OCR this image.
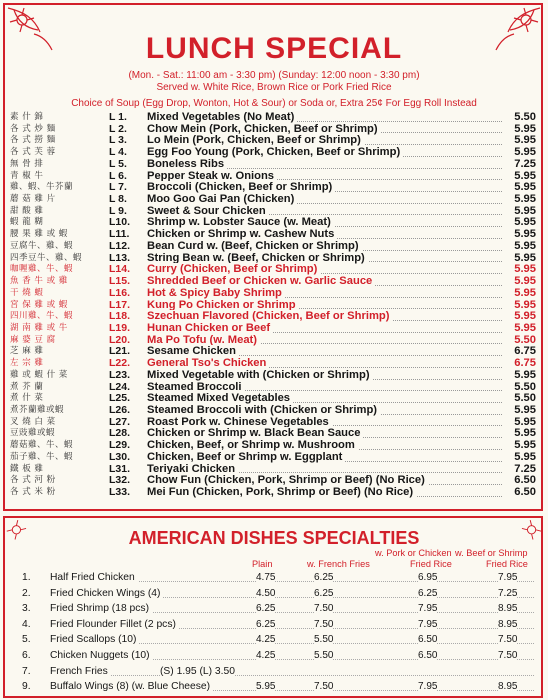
LUNCH SPECIAL
(Mon. - Sat.: 11:00 am - 3:30 pm) (Sunday: 12:00 noon - 3:30 pm)
Served w. White Rice, Brown Rice or Pork Fried Rice
Choice of Soup (Egg Drop, Wonton, Hot & Sour) or Soda or, Extra 25¢ For Egg Roll Instead
素 什 錦	L 1.	Mixed Vegetables (No Meat)	5.50
各 式 炒 麵	L 2.	Chow Mein (Pork, Chicken, Beef or Shrimp)	5.95
各 式 撈 麵	L 3.	Lo Mein (Pork, Chicken, Beef or Shrimp)	5.95
各 式 芙 蓉	L 4.	Egg Foo Young (Pork, Chicken, Beef or Shrimp)	5.95
無 骨 排	L 5.	Boneless Ribs	7.25
青 椒 牛	L 6.	Pepper Steak w. Onions	5.95
雞、蝦、牛芥蘭	L 7.	Broccoli (Chicken, Beef or Shrimp)	5.95
蘑 菇 雞 片	L 8.	Moo Goo Gai Pan (Chicken)	5.95
甜 酸 雞	L 9.	Sweet & Sour Chicken	5.95
蝦 龍 糊	L10.	Shrimp w. Lobster Sauce (w. Meat)	5.95
腰 果 雞 或 蝦	L11.	Chicken or Shrimp w. Cashew Nuts	5.95
豆腐牛、雞、蝦	L12.	Bean Curd w. (Beef, Chicken or Shrimp)	5.95
四季豆牛、雞、蝦	L13.	String Bean w. (Beef, Chicken or Shrimp)	5.95
咖喱雞、牛、蝦	L14.	Curry (Chicken, Beef or Shrimp)	5.95
魚 香 牛 或 雞	L15.	Shredded Beef or Chicken w. Garlic Sauce	5.95
干 燒 蝦	L16.	Hot & Spicy Baby Shrimp	5.95
宮 保 雞 或 蝦	L17.	Kung Po Chicken or Shrimp	5.95
四川雞、牛、蝦	L18.	Szechuan Flavored (Chicken, Beef or Shrimp)	5.95
湖 南 雞 或 牛	L19.	Hunan Chicken or Beef	5.95
麻 婆 豆 腐	L20.	Ma Po Tofu (w. Meat)	5.50
芝 麻 雞	L21.	Sesame Chicken	6.75
左 宗 雞	L22.	General Tso's Chicken	6.75
雞 或 蝦 什 菜	L23.	Mixed Vegetable with (Chicken or Shrimp)	5.95
煮 芥 蘭	L24.	Steamed Broccoli	5.50
煮 什 菜	L25.	Steamed Mixed Vegetables	5.50
煮芥蘭雞或蝦	L26.	Steamed Broccoli with (Chicken or Shrimp)	5.95
叉 燒 白 菜	L27.	Roast Pork w. Chinese Vegetables	5.95
豆豉雞或蝦	L28.	Chicken or Shrimp w. Black Bean Sauce	5.95
蘑菇雞、牛、蝦	L29.	Chicken, Beef, or Shrimp w. Mushroom	5.95
茄子雞、牛、蝦	L30.	Chicken, Beef or Shrimp w. Eggplant	5.95
鐵 板 雞	L31.	Teriyaki Chicken	7.25
各 式 河 粉	L32.	Chow Fun (Chicken, Pork, Shrimp or Beef) (No Rice)	6.50
各 式 米 粉	L33.	Mei Fun (Chicken, Pork, Shrimp or Beef) (No Rice)	6.50
AMERICAN DISHES SPECIALTIES
w. Pork or Chicken w. Beef or Shrimp
Plain	w. French Fries	Fried Rice	Fried Rice
1. Half Fried Chicken	4.75	6.25	6.95	7.95
2. Fried Chicken Wings (4)	4.50	6.25	6.25	7.25
3. Fried Shrimp (18 pcs)	6.25	7.50	7.95	8.95
4. Fried Flounder Fillet (2 pcs)	6.25	7.50	7.95	8.95
5. Fried Scallops (10)	4.25	5.50	6.50	7.50
6. Chicken Nuggets (10)	4.25	5.50	6.50	7.50
7. French Fries	(S) 1.95 (L) 3.50
9. Buffalo Wings (8) (w. Blue Cheese)	5.95	7.50	7.95	8.95
